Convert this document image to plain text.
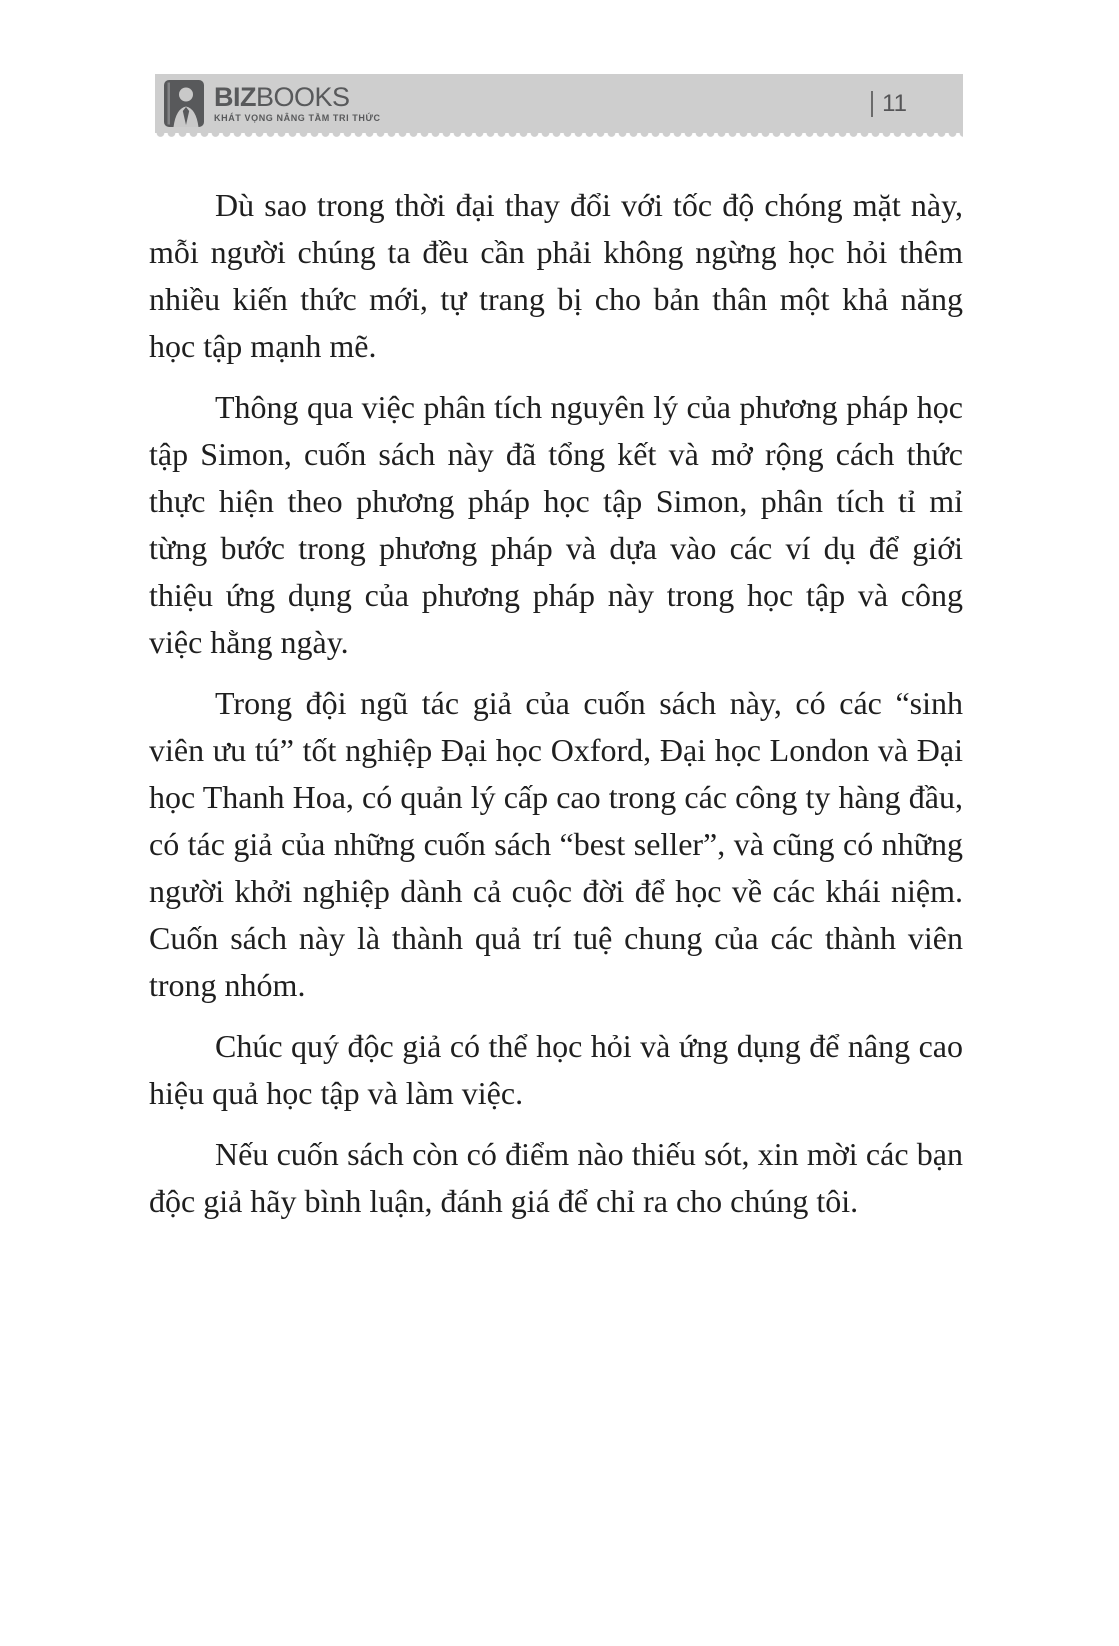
BIZBOOKS
KHÁT VỌNG NÂNG TẦM TRI THỨC
11

Dù sao trong thời đại thay đổi với tốc độ chóng mặt này, mỗi người chúng ta đều cần phải không ngừng học hỏi thêm nhiều kiến thức mới, tự trang bị cho bản thân một khả năng học tập mạnh mẽ.

Thông qua việc phân tích nguyên lý của phương pháp học tập Simon, cuốn sách này đã tổng kết và mở rộng cách thức thực hiện theo phương pháp học tập Simon, phân tích tỉ mỉ từng bước trong phương pháp và dựa vào các ví dụ để giới thiệu ứng dụng của phương pháp này trong học tập và công việc hằng ngày.

Trong đội ngũ tác giả của cuốn sách này, có các “sinh viên ưu tú” tốt nghiệp Đại học Oxford, Đại học London và Đại học Thanh Hoa, có quản lý cấp cao trong các công ty hàng đầu, có tác giả của những cuốn sách “best seller”, và cũng có những người khởi nghiệp dành cả cuộc đời để học về các khái niệm. Cuốn sách này là thành quả trí tuệ chung của các thành viên trong nhóm.

Chúc quý độc giả có thể học hỏi và ứng dụng để nâng cao hiệu quả học tập và làm việc.

Nếu cuốn sách còn có điểm nào thiếu sót, xin mời các bạn độc giả hãy bình luận, đánh giá để chỉ ra cho chúng tôi.
